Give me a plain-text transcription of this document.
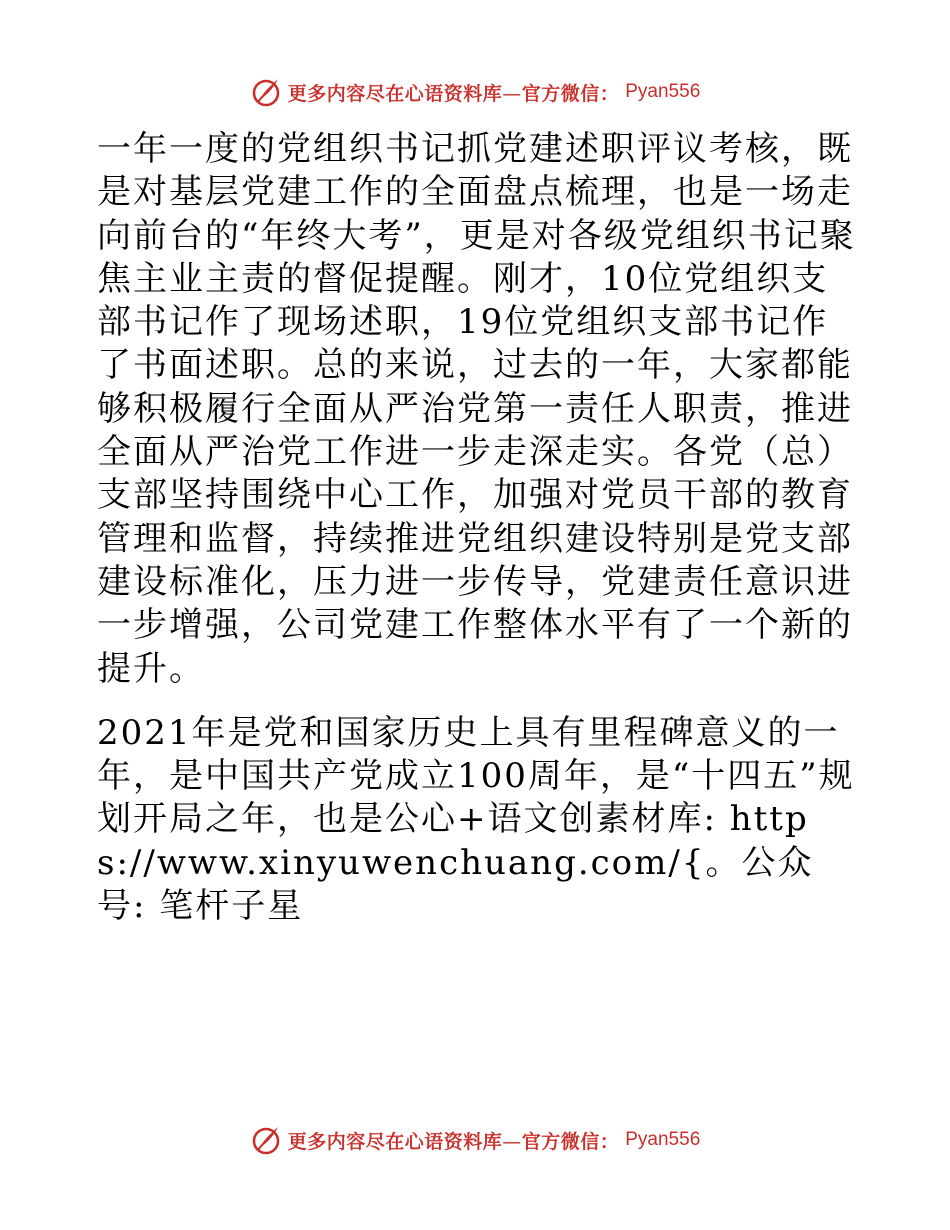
更多内容尽在心语资料库—官方微信： Pyan556

一年一度的党组织书记抓党建述职评议考核，既是对基层党建工作的全面盘点梳理，也是一场走向前台的“年终大考”，更是对各级党组织书记聚焦主业主责的督促提醒。刚才，10位党组织支部书记作了现场述职，19位党组织支部书记作了书面述职。总的来说，过去的一年，大家都能够积极履行全面从严治党第一责任人职责，推进全面从严治党工作进一步走深走实。各党（总）支部坚持围绕中心工作，加强对党员干部的教育管理和监督，持续推进党组织建设特别是党支部建设标准化，压力进一步传导，党建责任意识进一步增强，公司党建工作整体水平有了一个新的提升。

2021年是党和国家历史上具有里程碑意义的一年，是中国共产党成立100周年，是“十四五”规划开局之年，也是公心+语文创素材库: https://www.xinyuwenchuang.com/{。公众号: 笔杆子星

更多内容尽在心语资料库—官方微信： Pyan556
